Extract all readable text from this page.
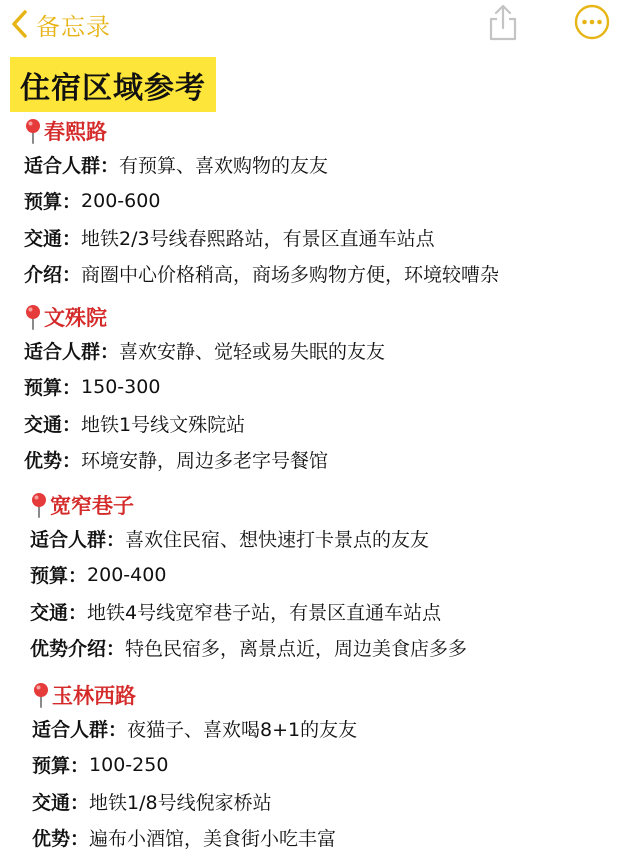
备忘录
住宿区域参考
春熙路
适合人群： 有预算、喜欢购物的友友
预算： 200-600
交通： 地铁2/3号线春熙路站，有景区直通车站点
介绍： 商圈中心价格稍高，商场多购物方便，环境较嘈杂
文殊院
适合人群： 喜欢安静、觉轻或易失眠的友友
预算： 150-300
交通： 地铁1号线文殊院站
优势： 环境安静，周边多老字号餐馆
宽窄巷子
适合人群： 喜欢住民宿、想快速打卡景点的友友
预算： 200-400
交通： 地铁4号线宽窄巷子站，有景区直通车站点
优势介绍： 特色民宿多，离景点近，周边美食店多多
玉林西路
适合人群： 夜猫子、喜欢喝8+1的友友
预算： 100-250
交通： 地铁1/8号线倪家桥站
优势： 遍布小酒馆，美食街小吃丰富
